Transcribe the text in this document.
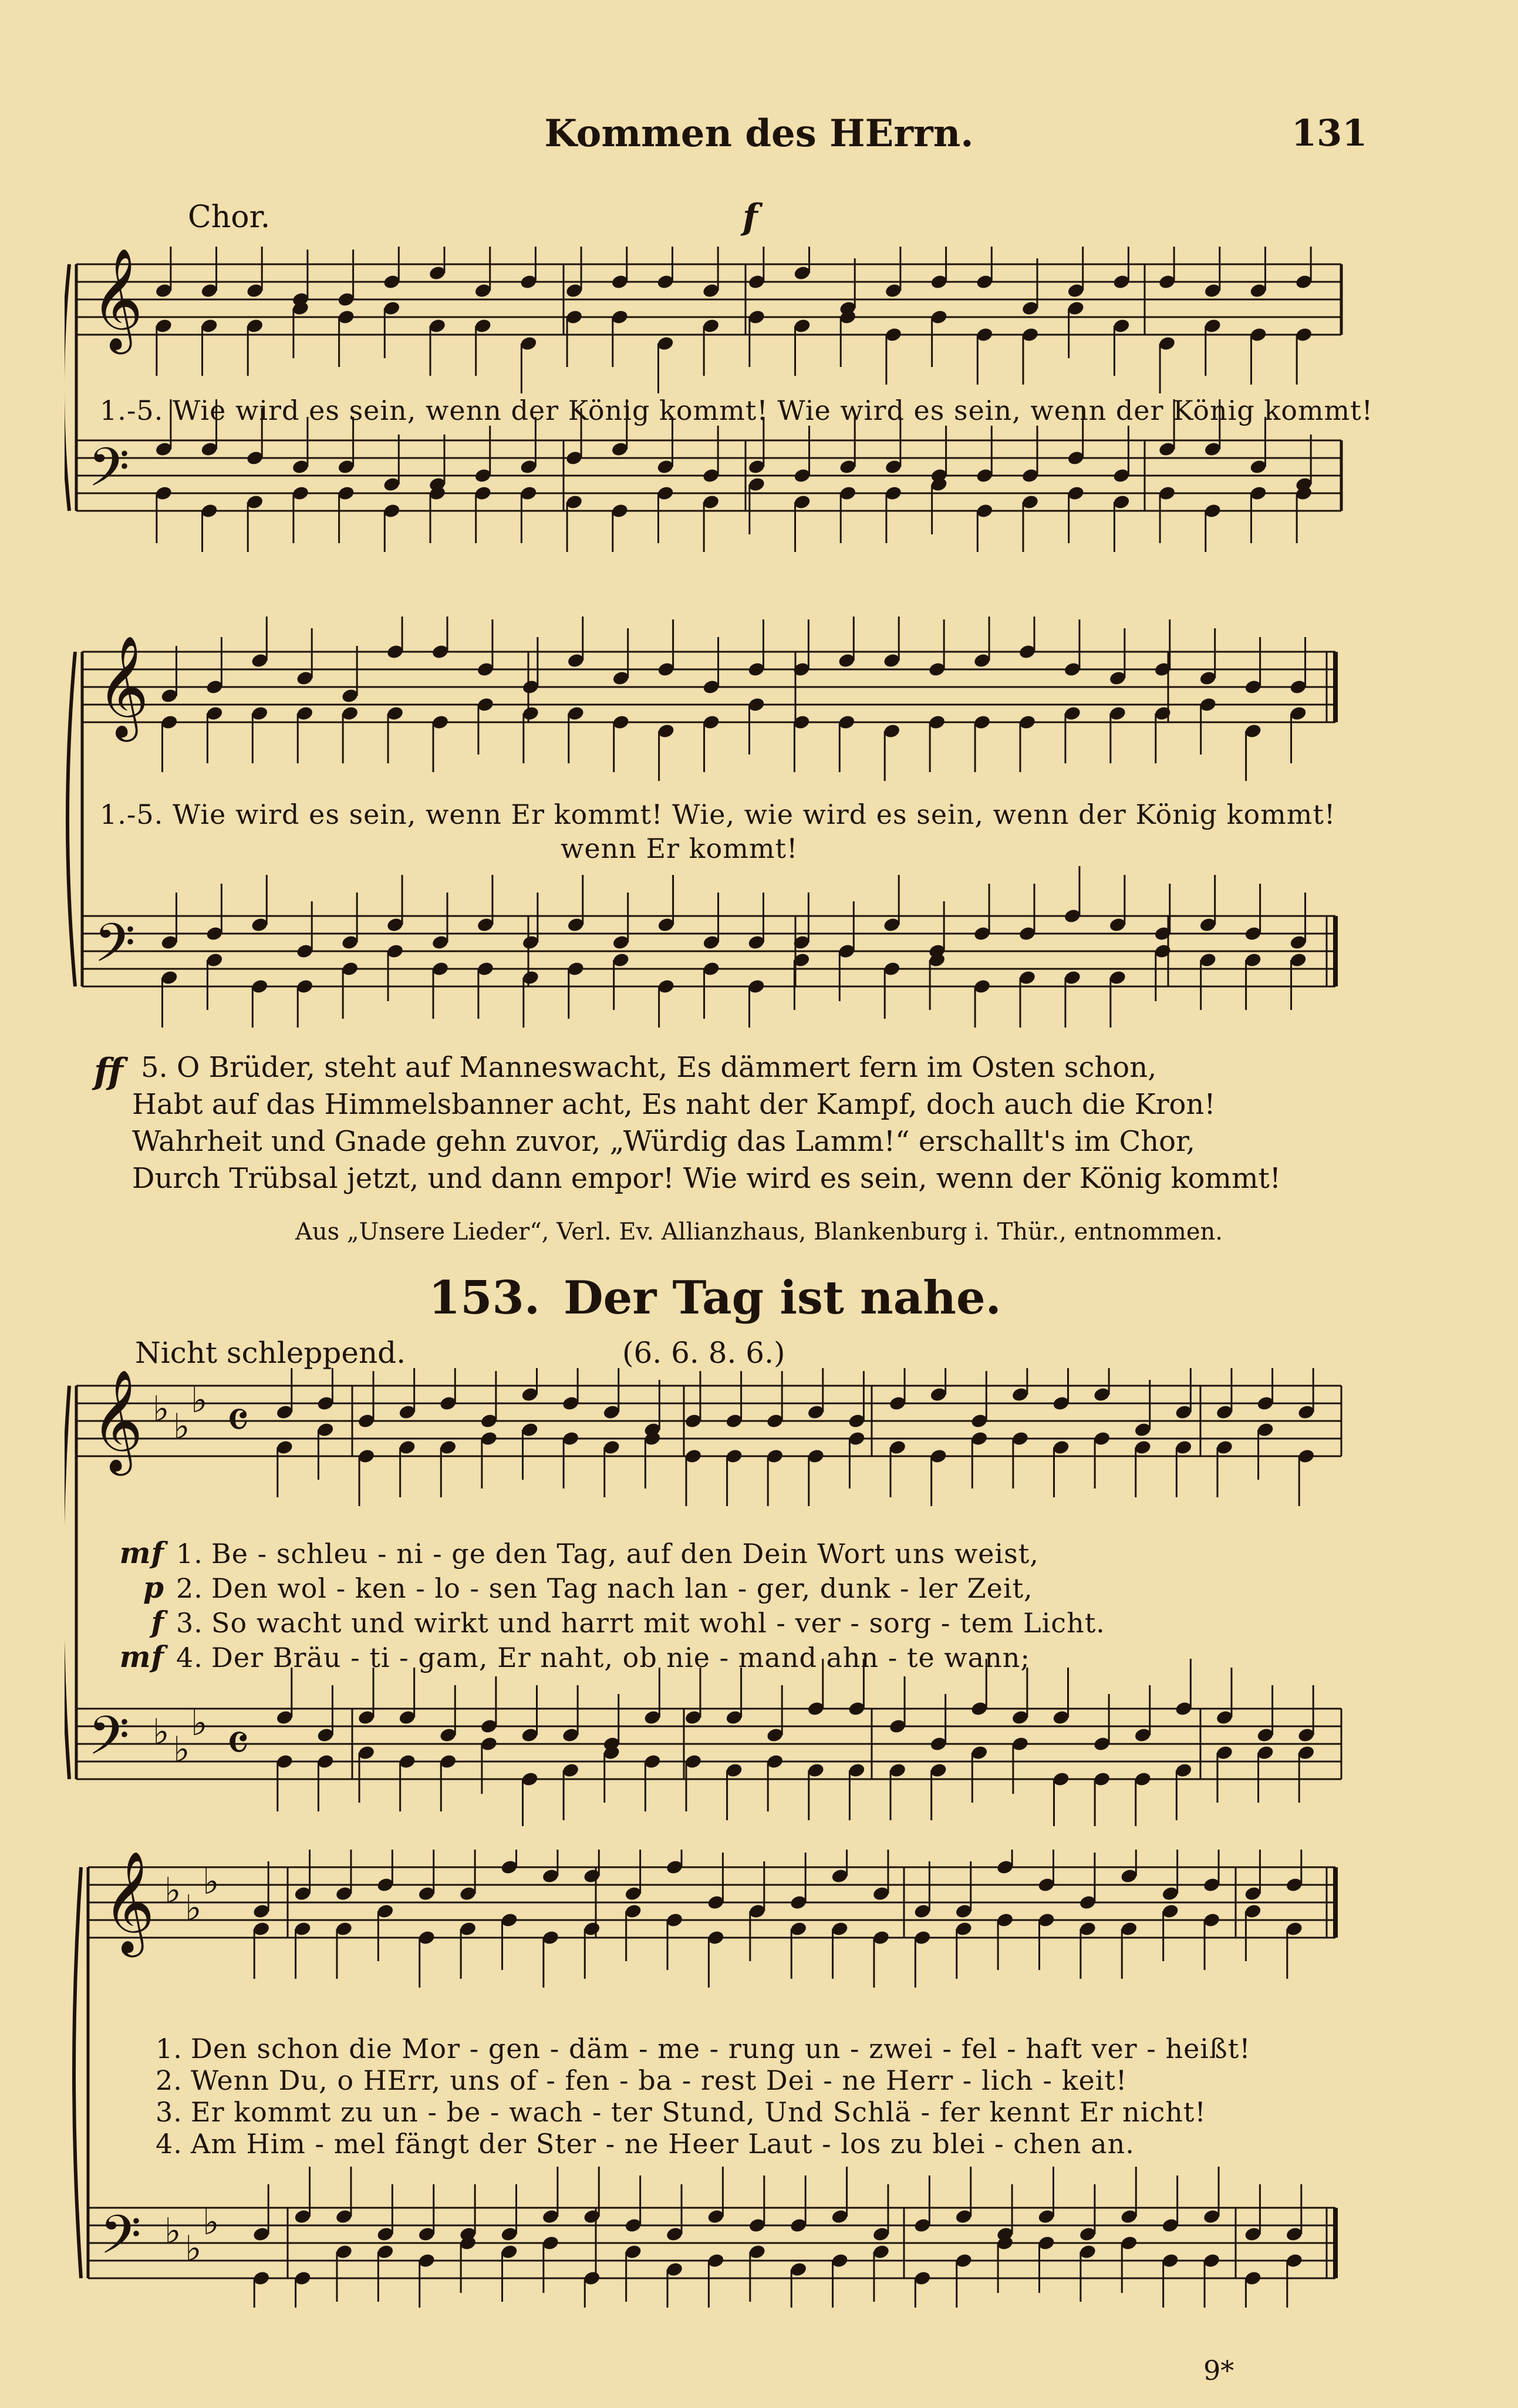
Kommen des HErrn.	131
Chor.	f
𝄞
𝄢
1.-5. Wie wird es sein, wenn der König kommt! Wie wird es sein, wenn der König kommt!
𝄞
𝄢
1.-5. Wie wird es sein, wenn Er kommt! Wie, wie wird es sein, wenn der König kommt!
wenn Er kommt!
ff 5. O Brüder, steht auf Manneswacht, Es dämmert fern im Osten schon,
Habt auf das Himmelsbanner acht, Es naht der Kampf, doch auch die Kron!
Wahrheit und Gnade gehn zuvor, „Würdig das Lamm!“ erschallt's im Chor,
Durch Trübsal jetzt, und dann empor! Wie wird es sein, wenn der König kommt!
Aus „Unsere Lieder“, Verl. Ev. Allianzhaus, Blankenburg i. Thür., entnommen.
153. Der Tag ist nahe.
Nicht schleppend.	(6. 6. 8. 6.)
𝄞 ♭ ♭
♭ 𝄴
𝄢 ♭ ♭
♭ 𝄴
mf 1. Be - schleu - ni - ge den Tag, auf den Dein Wort uns weist,
p 2. Den wol - ken - lo - sen Tag nach lan - ger, dunk - ler Zeit,
f 3. So wacht und wirkt und harrt mit wohl - ver - sorg - tem Licht.
mf 4. Der Bräu - ti - gam, Er naht, ob nie - mand ahn - te wann;
𝄞 ♭ ♭
♭
𝄢 ♭ ♭
♭
1. Den schon die Mor - gen - däm - me - rung un - zwei - fel - haft ver - heißt!
2. Wenn Du, o HErr, uns of - fen - ba - rest Dei - ne Herr - lich - keit!
3. Er kommt zu un - be - wach - ter Stund, Und Schlä - fer kennt Er nicht!
4. Am Him - mel fängt der Ster - ne Heer Laut - los zu blei - chen an.
9*
